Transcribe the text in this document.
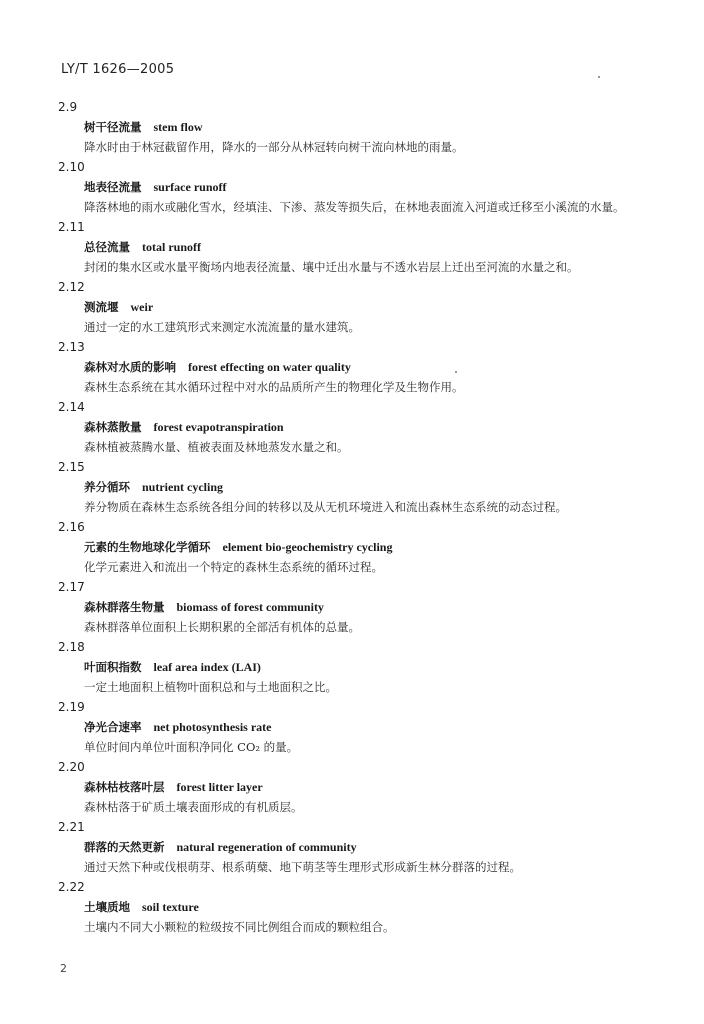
LY/T 1626—2005
2.9
树干径流量 stem flow
降水时由于林冠截留作用，降水的一部分从林冠转向树干流向林地的雨量。
2.10
地表径流量 surface runoff
降落林地的雨水或融化雪水，经填洼、下渗、蒸发等损失后，在林地表面流入河道或迁移至小溪流的水量。
2.11
总径流量 total runoff
封闭的集水区或水量平衡场内地表径流量、壤中迁出水量与不透水岩层上迁出至河流的水量之和。
2.12
测流堰 weir
通过一定的水工建筑形式来测定水流流量的量水建筑。
2.13
森林对水质的影响 forest effecting on water quality
森林生态系统在其水循环过程中对水的品质所产生的物理化学及生物作用。
2.14
森林蒸散量 forest evapotranspiration
森林植被蒸腾水量、植被表面及林地蒸发水量之和。
2.15
养分循环 nutrient cycling
养分物质在森林生态系统各组分间的转移以及从无机环境进入和流出森林生态系统的动态过程。
2.16
元素的生物地球化学循环 element bio-geochemistry cycling
化学元素进入和流出一个特定的森林生态系统的循环过程。
2.17
森林群落生物量 biomass of forest community
森林群落单位面积上长期积累的全部活有机体的总量。
2.18
叶面积指数 leaf area index (LAI)
一定土地面积上植物叶面积总和与土地面积之比。
2.19
净光合速率 net photosynthesis rate
单位时间内单位叶面积净同化 CO₂ 的量。
2.20
森林枯枝落叶层 forest litter layer
森林枯落于矿质土壤表面形成的有机质层。
2.21
群落的天然更新 natural regeneration of community
通过天然下种或伐根萌芽、根系萌蘖、地下萌茎等生理形式形成新生林分群落的过程。
2.22
土壤质地 soil texture
土壤内不同大小颗粒的粒级按不同比例组合而成的颗粒组合。
2
